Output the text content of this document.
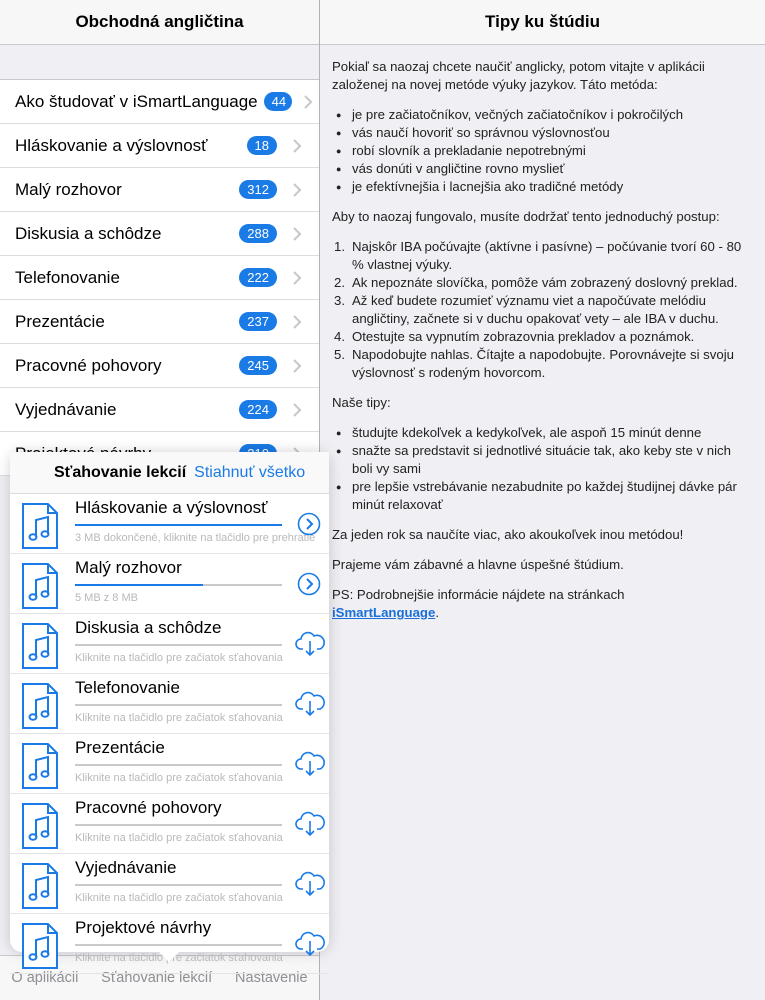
Obchodná angličtina
Ako študovať v iSmartLanguage	44
Hláskovanie a výslovnosť	18
Malý rozhovor	312
Diskusia a schôdze	288
Telefonovanie	222
Prezentácie	237
Pracovné pohovory	245
Vyjednávanie	224
Tipy ku štúdiu

Pokiaľ sa naozaj chcete naučiť anglicky, potom vitajte v aplikácii založenej na novej metóde výuky jazykov. Táto metóda:

● je pre začiatočníkov, večných začiatočníkov i pokročilých
● vás naučí hovoriť so správnou výslovnosťou
● robí slovník a prekladanie nepotrebnými
● vás donúti v angličtine rovno myslieť
● je efektívnejšia i lacnejšia ako tradičné metódy

Aby to naozaj fungovalo, musíte dodržať tento jednoduchý postup:

1. Najskôr IBA počúvajte (aktívne i pasívne) – počúvanie tvorí 60 - 80 % vlastnej výuky.
2. Ak nepoznáte slovíčka, pomôže vám zobrazený doslovný preklad.
3. Až keď budete rozumieť významu viet a napočúvate melódiu angličtiny, začnete si v duchu opakovať vety – ale IBA v duchu.
4. Otestujte sa vypnutím zobrazovnia prekladov a poznámok.
5. Napodobujte nahlas. Čítajte a napodobujte. Porovnávejte si svoju výslovnosť s rodeným hovorcom.

Naše tipy:

● študujte kdekoľvek a kedykoľvek, ale aspoň 15 minút denne
● snažte sa predstavit si jednotlivé situácie tak, ako keby ste v nich boli vy sami
● pre lepšie vstrebávanie nezabudnite po každej študijnej dávke pár minút relaxovať

Za jeden rok sa naučíte viac, ako akoukoľvek inou metódou!

Prajeme vám zábavné a hlavne úspešné štúdium.

PS: Podrobnejšie informácie nájdete na stránkach
iSmartLanguage.

O aplikácii Sťahovanie lekcií Nastavenie
Sťahovanie lekcií Stiahnuť všetko
Hláskovanie a výslovnosť
3 MB dokončené, kliknite na tlačidlo pre prehratie
Malý rozhovor
5 MB z 8 MB
Diskusia a schôdze
Kliknite na tlačidlo pre začiatok sťahovania
Telefonovanie
Kliknite na tlačidlo pre začiatok sťahovania
Prezentácie
Kliknite na tlačidlo pre začiatok sťahovania
Pracovné pohovory
Kliknite na tlačidlo pre začiatok sťahovania
Vyjednávanie
Kliknite na tlačidlo pre začiatok sťahovania
Projektové návrhy
Kliknite na tlačidlo pre začiatok sťahovania
